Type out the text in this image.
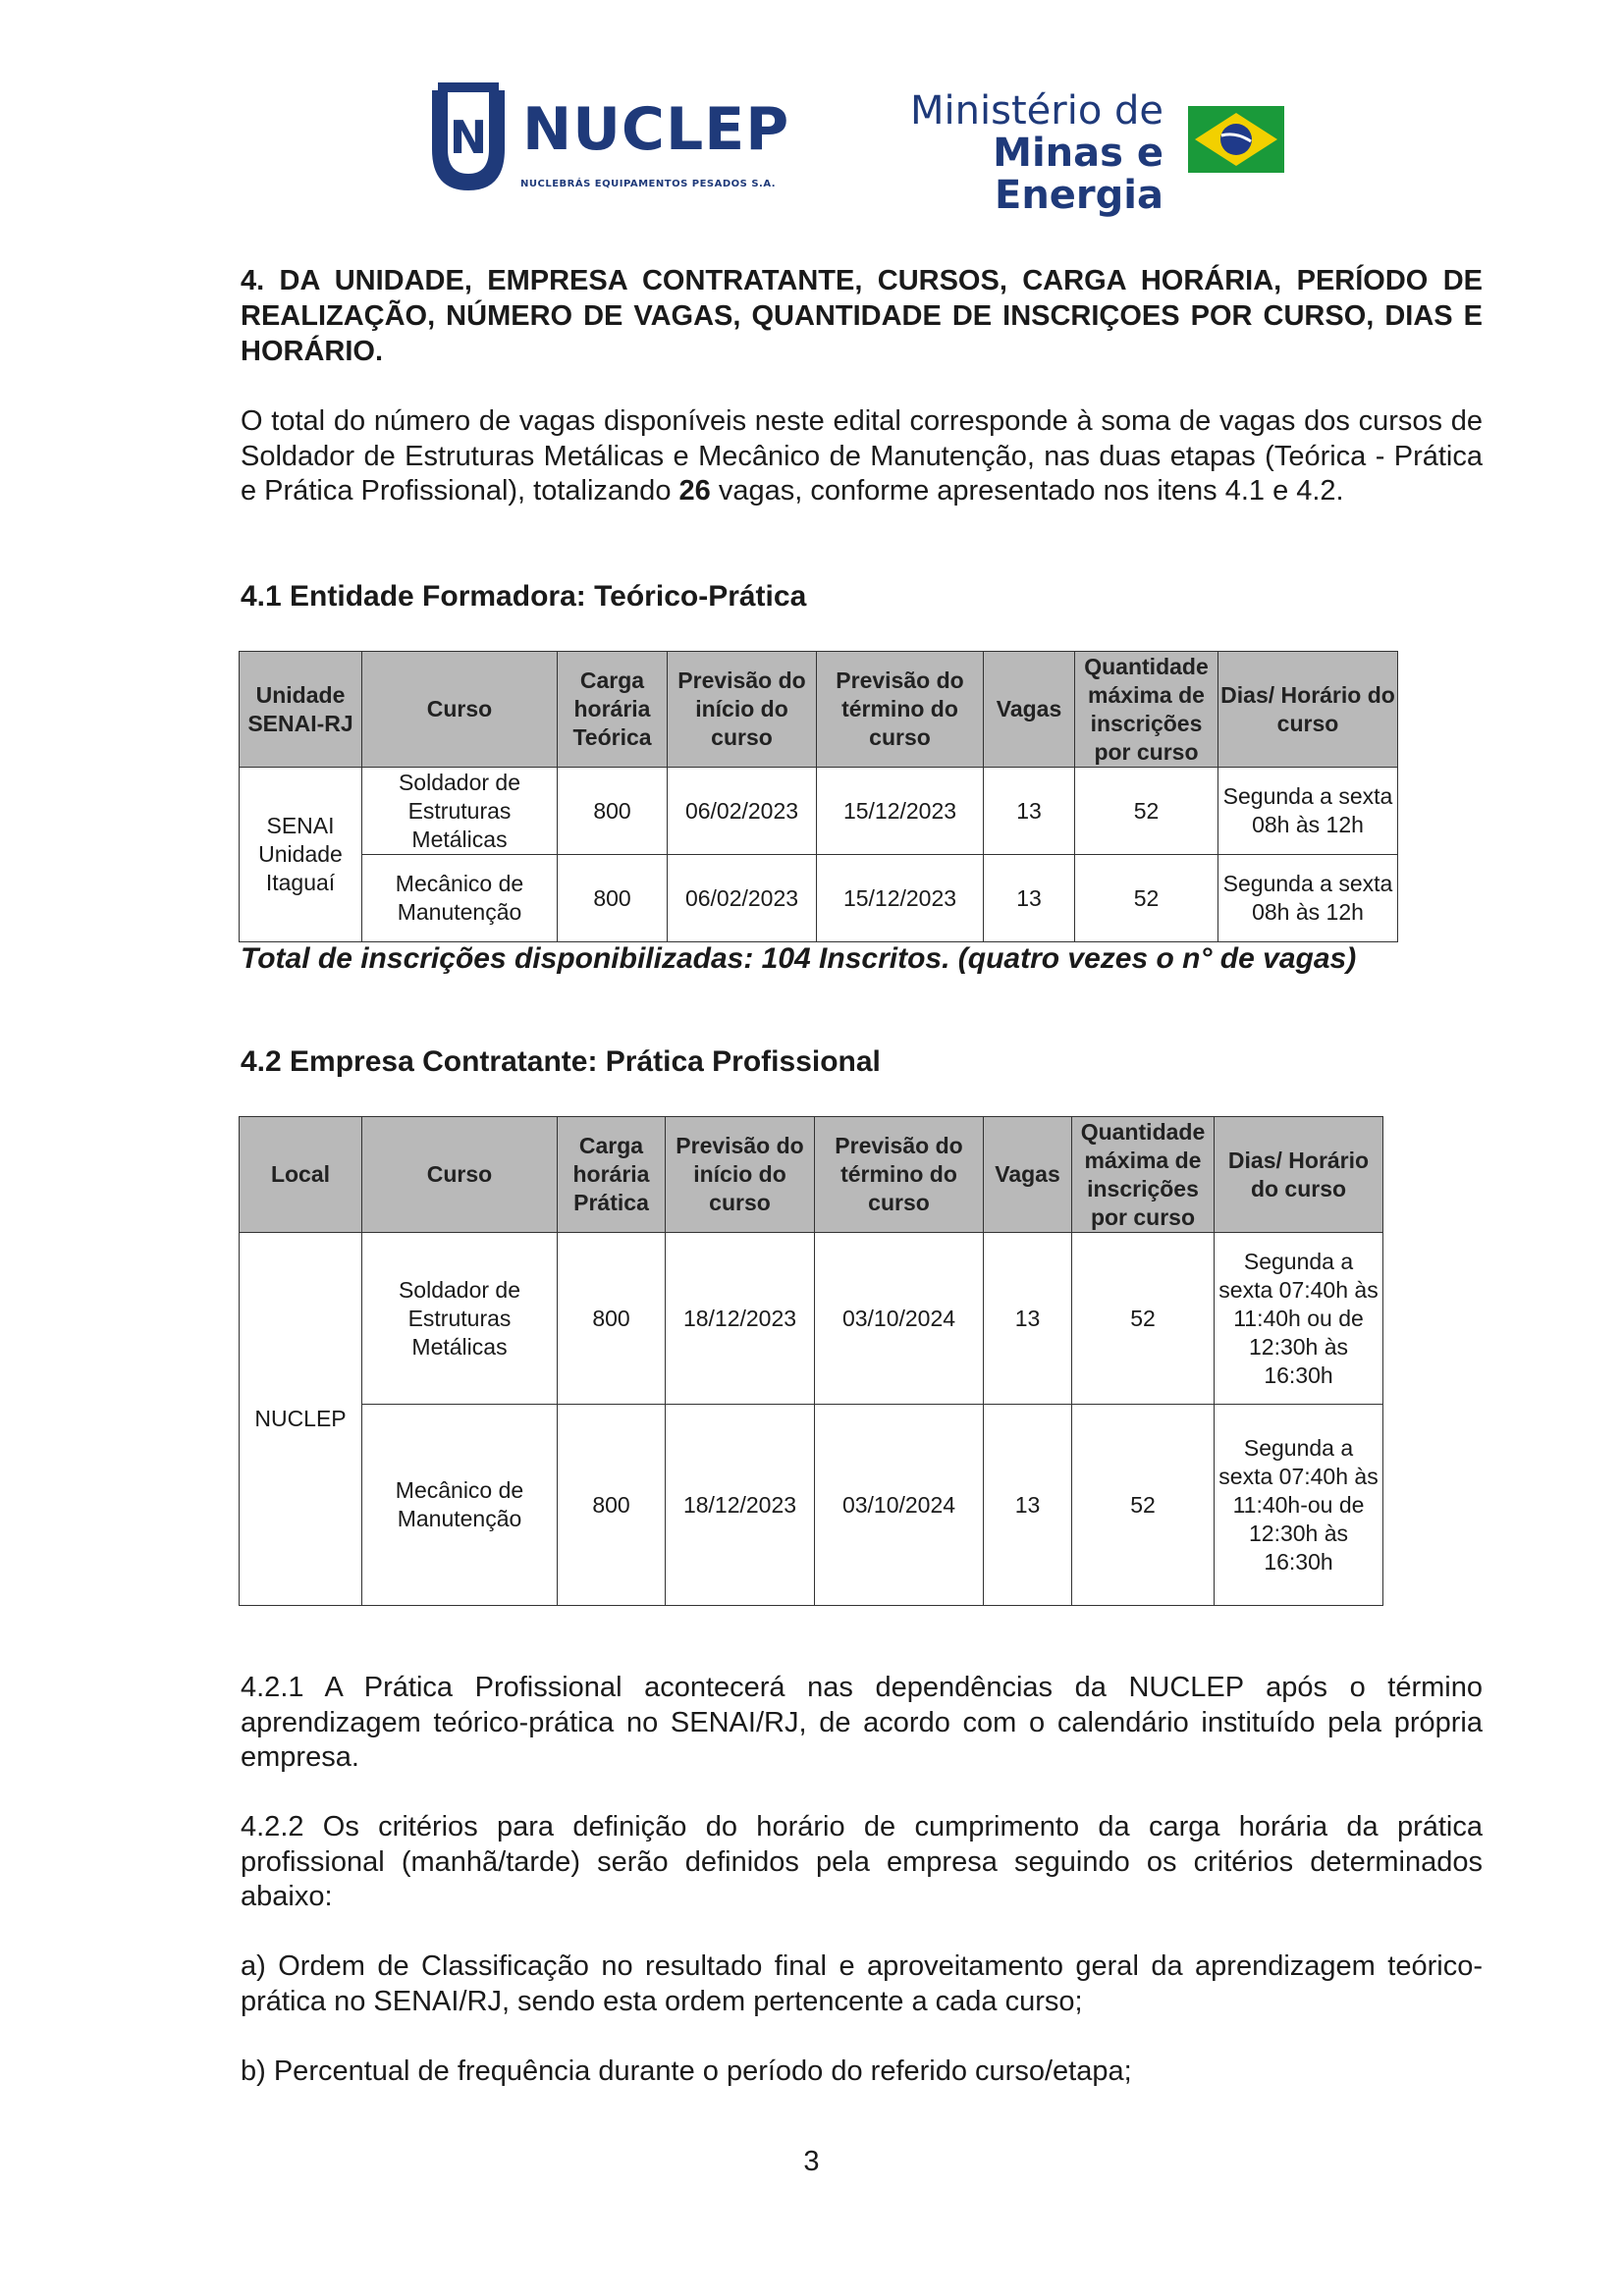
N NUCLEP
NUCLEBRÁS EQUIPAMENTOS PESADOS S.A.
Ministério de
Minas e Energia
4. DA UNIDADE, EMPRESA CONTRATANTE, CURSOS, CARGA HORÁRIA, PERÍODO DE REALIZAÇÃO, NÚMERO DE VAGAS, QUANTIDADE DE INSCRIÇOES POR CURSO, DIAS E HORÁRIO.
O total do número de vagas disponíveis neste edital corresponde à soma de vagas dos cursos de Soldador de Estruturas Metálicas e Mecânico de Manutenção, nas duas etapas (Teórica - Prática e Prática Profissional), totalizando 26 vagas, conforme apresentado nos itens 4.1 e 4.2.
4.1 Entidade Formadora: Teórico-Prática
Unidade SENAI-RJ	Curso	Carga horária Teórica	Previsão do início do curso	Previsão do término do curso	Vagas	Quantidade máxima de inscrições por curso	Dias/ Horário do curso
SENAI Unidade Itaguaí	Soldador de Estruturas Metálicas	800	06/02/2023	15/12/2023	13	52	Segunda a sexta 08h às 12h
	Mecânico de Manutenção	800	06/02/2023	15/12/2023	13	52	Segunda a sexta 08h às 12h
Total de inscrições disponibilizadas: 104 Inscritos. (quatro vezes o n° de vagas)
4.2 Empresa Contratante: Prática Profissional
Local	Curso	Carga horária Prática	Previsão do início do curso	Previsão do término do curso	Vagas	Quantidade máxima de inscrições por curso	Dias/ Horário do curso
NUCLEP	Soldador de Estruturas Metálicas	800	18/12/2023	03/10/2024	13	52	Segunda a sexta 07:40h às 11:40h ou de 12:30h às 16:30h
	Mecânico de Manutenção	800	18/12/2023	03/10/2024	13	52	Segunda a sexta 07:40h às 11:40h-ou de 12:30h às 16:30h
4.2.1 A Prática Profissional acontecerá nas dependências da NUCLEP após o término aprendizagem teórico-prática no SENAI/RJ, de acordo com o calendário instituído pela própria empresa.
4.2.2 Os critérios para definição do horário de cumprimento da carga horária da prática profissional (manhã/tarde) serão definidos pela empresa seguindo os critérios determinados abaixo:
a) Ordem de Classificação no resultado final e aproveitamento geral da aprendizagem teórico-prática no SENAI/RJ, sendo esta ordem pertencente a cada curso;
b) Percentual de frequência durante o período do referido curso/etapa;
3
